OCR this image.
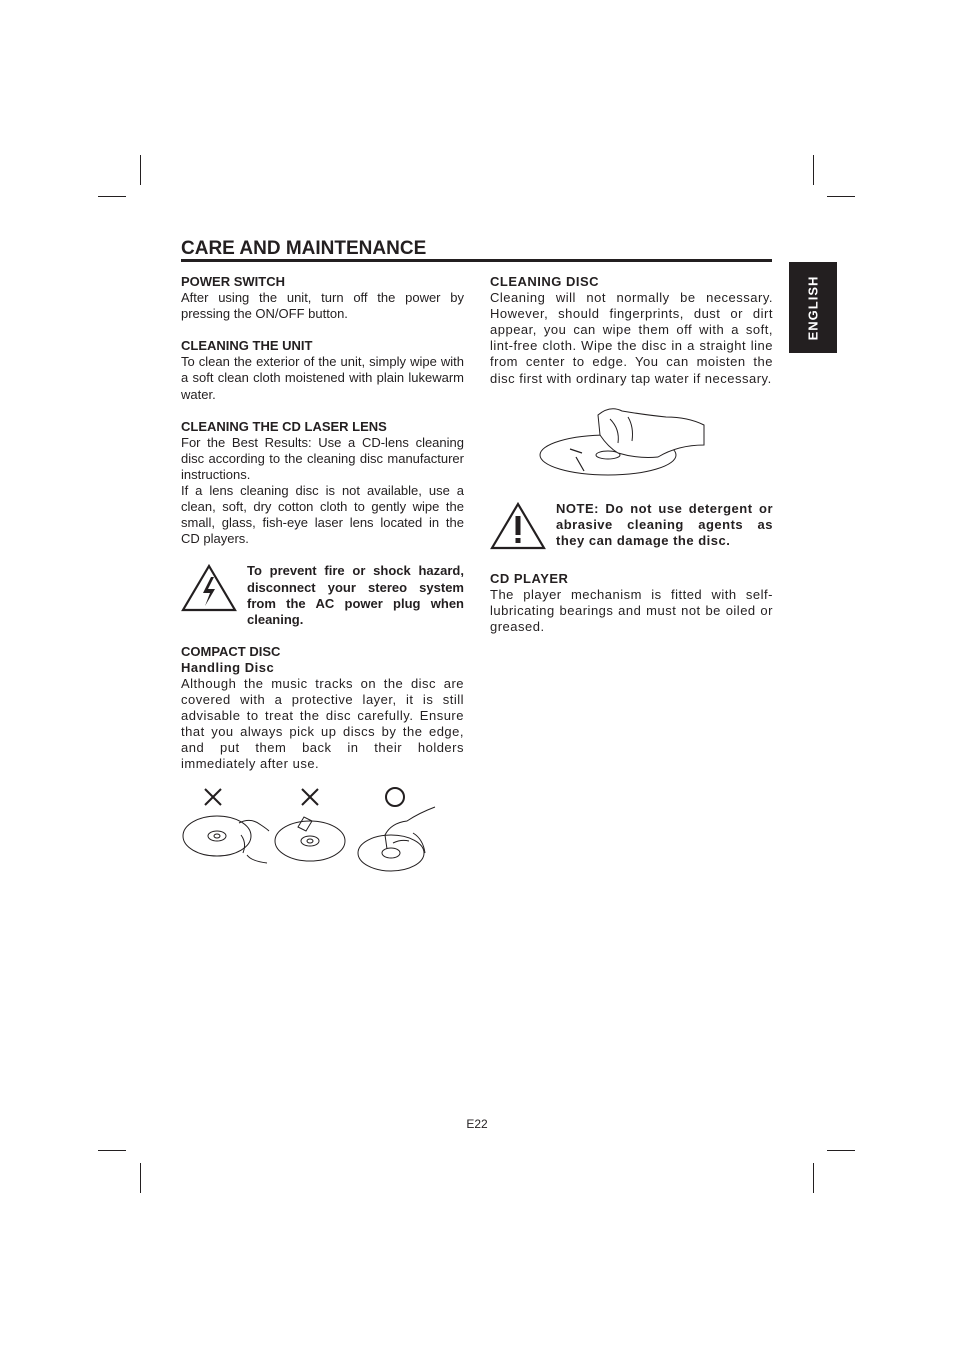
CARE AND MAINTENANCE
ENGLISH

POWER SWITCH

After using the unit, turn off the power by pressing the ON/OFF button.

CLEANING THE UNIT

To clean the exterior of the unit, simply wipe with a soft clean cloth moistened with plain lukewarm water.

CLEANING THE CD LASER LENS

For the Best Results: Use a CD-lens cleaning disc according to the cleaning disc manufacturer instructions.

If a lens cleaning disc is not available, use a clean, soft, dry cotton cloth to gently wipe the small, glass, fish-eye laser lens located in the CD players.

To prevent fire or shock hazard, disconnect your stereo system from the AC power plug when cleaning.

COMPACT DISC

Handling Disc

Although the music tracks on the disc are covered with a protective layer, it is still advisable to treat the disc carefully. Ensure that you always pick up discs by the edge, and put them back in their holders immediately after use.

CLEANING DISC

Cleaning will not normally be necessary. However, should fingerprints, dust or dirt appear, you can wipe them off with a soft, lint-free cloth. Wipe the disc in a straight line from center to edge. You can moisten the disc first with ordinary tap water if necessary.

NOTE: Do not use detergent or abrasive cleaning agents as they can damage the disc.

CD PLAYER

The player mechanism is fitted with self-lubricating bearings and must not be oiled or greased.

E22
